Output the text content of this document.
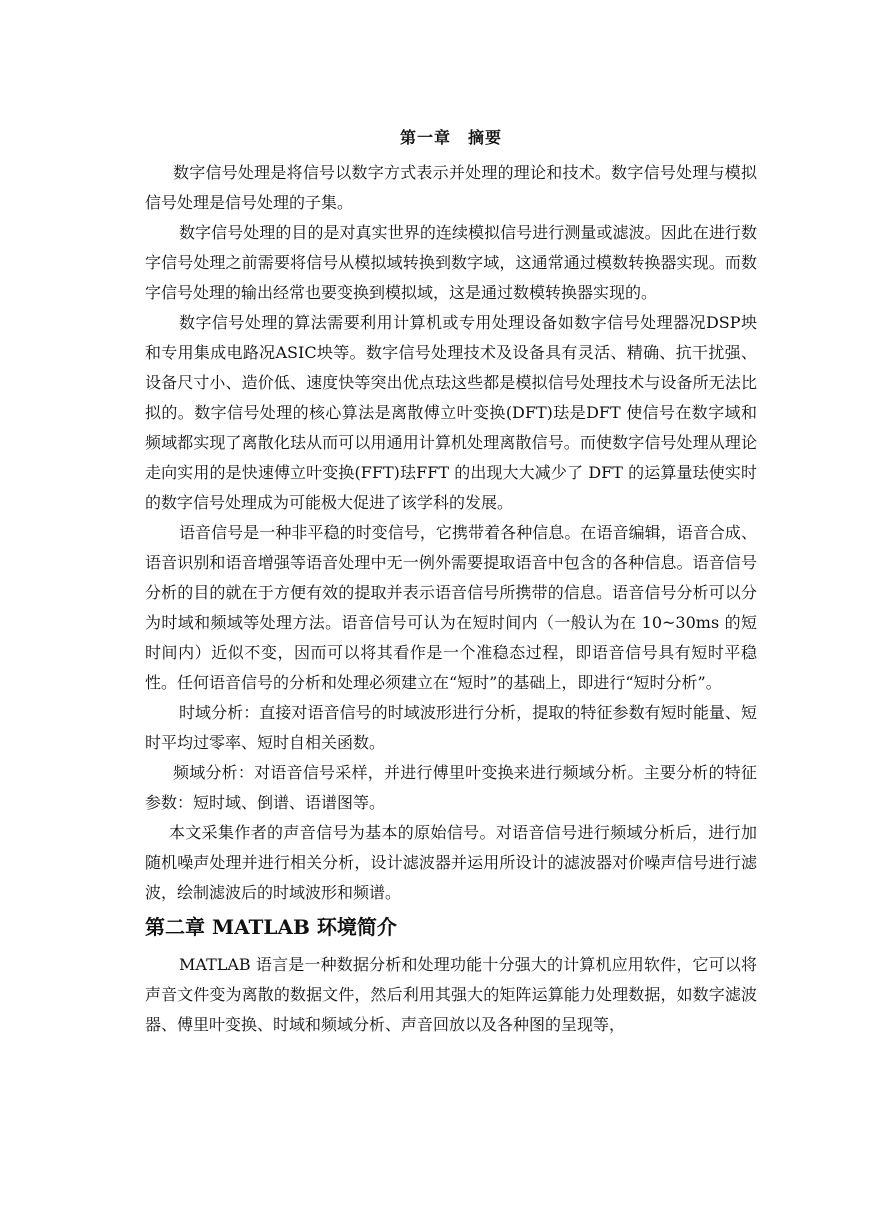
第一章　摘要

数字信号处理是将信号以数字方式表示并处理的理论和技术。数字信号处理与模拟信号处理是信号处理的子集。

数字信号处理的目的是对真实世界的连续模拟信号进行测量或滤波。因此在进行数字信号处理之前需要将信号从模拟域转换到数字域，这通常通过模数转换器实现。而数字信号处理的输出经常也要变换到模拟域，这是通过数模转换器实现的。

数字信号处理的算法需要利用计算机或专用处理设备如数字信号处理器况DSP坱和专用集成电路况ASIC坱等。数字信号处理技术及设备具有灵活、精确、抗干扰强、设备尺寸小、造价低、速度快等突出优点珐这些都是模拟信号处理技术与设备所无法比拟的。数字信号处理的核心算法是离散傅立叶变换(DFT)珐是DFT 使信号在数字域和频域都实现了离散化珐从而可以用通用计算机处理离散信号。而使数字信号处理从理论走向实用的是快速傅立叶变换(FFT)珐FFT 的出现大大减少了 DFT 的运算量珐使实时的数字信号处理成为可能极大促进了该学科的发展。

语音信号是一种非平稳的时变信号，它携带着各种信息。在语音编辑，语音合成、语音识别和语音增强等语音处理中无一例外需要提取语音中包含的各种信息。语音信号分析的目的就在于方便有效的提取并表示语音信号所携带的信息。语音信号分析可以分为时域和频域等处理方法。语音信号可认为在短时间内（一般认为在 10~30ms 的短时间内）近似不变，因而可以将其看作是一个准稳态过程，即语音信号具有短时平稳性。任何语音信号的分析和处理必须建立在“短时”的基础上，即进行“短时分析”。

时域分析：直接对语音信号的时域波形进行分析，提取的特征参数有短时能量、短时平均过零率、短时自相关函数。

频域分析：对语音信号采样，并进行傅里叶变换来进行频域分析。主要分析的特征参数：短时域、倒谱、语谱图等。

本文采集作者的声音信号为基本的原始信号。对语音信号进行频域分析后，进行加随机噪声处理并进行相关分析，设计滤波器并运用所设计的滤波器对价噪声信号进行滤波，绘制滤波后的时域波形和频谱。

第二章 MATLAB 环境简介

MATLAB 语言是一种数据分析和处理功能十分强大的计算机应用软件，它可以将声音文件变为离散的数据文件，然后利用其强大的矩阵运算能力处理数据，如数字滤波器、傅里叶变换、时域和频域分析、声音回放以及各种图的呈现等，
